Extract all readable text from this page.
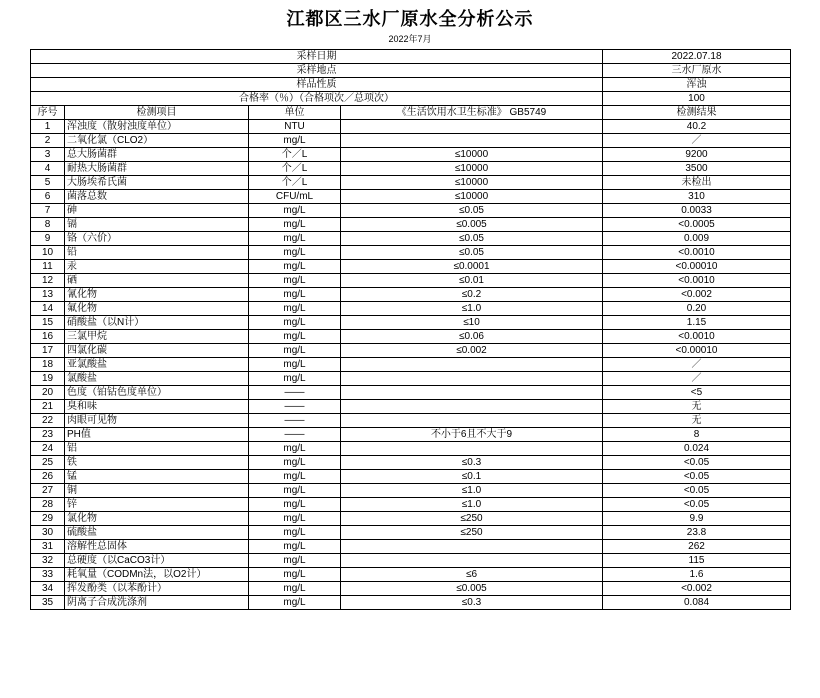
江都区三水厂原水全分析公示
2022年7月
采样日期				2022.07.18
采样地点				三水厂原水
样品性质				浑浊
合格率（％）（合格项次／总项次）				100
序号	检测项目	单位	《生活饮用水卫生标准》 GB5749	检测结果
1	浑浊度（散射浊度单位）	NTU		40.2
2	二氧化氯（CLO2）	mg/L		／
3	总大肠菌群	个／L	≤10000	9200
4	耐热大肠菌群	个／L	≤10000	3500
5	大肠埃希氏菌	个／L	≤10000	未检出
6	菌落总数	CFU/mL	≤10000	310
7	砷	mg/L	≤0.05	0.0033
8	镉	mg/L	≤0.005	<0.0005
9	铬（六价）	mg/L	≤0.05	0.009
10	铅	mg/L	≤0.05	<0.0010
11	汞	mg/L	≤0.0001	<0.00010
12	硒	mg/L	≤0.01	<0.0010
13	氰化物	mg/L	≤0.2	<0.002
14	氟化物	mg/L	≤1.0	0.20
15	硝酸盐（以N计）	mg/L	≤10	1.15
16	三氯甲烷	mg/L	≤0.06	<0.0010
17	四氯化碳	mg/L	≤0.002	<0.00010
18	亚氯酸盐	mg/L		／
19	氯酸盐	mg/L		／
20	色度（铂钴色度单位）	——		<5
21	臭和味	——		无
22	肉眼可见物	——		无
23	PH值	——	不小于6且不大于9	8
24	铝	mg/L		0.024
25	铁	mg/L	≤0.3	<0.05
26	锰	mg/L	≤0.1	<0.05
27	铜	mg/L	≤1.0	<0.05
28	锌	mg/L	≤1.0	<0.05
29	氯化物	mg/L	≤250	9.9
30	硫酸盐	mg/L	≤250	23.8
31	溶解性总固体	mg/L		262
32	总硬度（以CaCO3计）	mg/L		115
33	耗氧量（CODMn法，以O2计）	mg/L	≤6	1.6
34	挥发酚类（以苯酚计）	mg/L	≤0.005	<0.002
35	阴离子合成洗涤剂	mg/L	≤0.3	0.084
